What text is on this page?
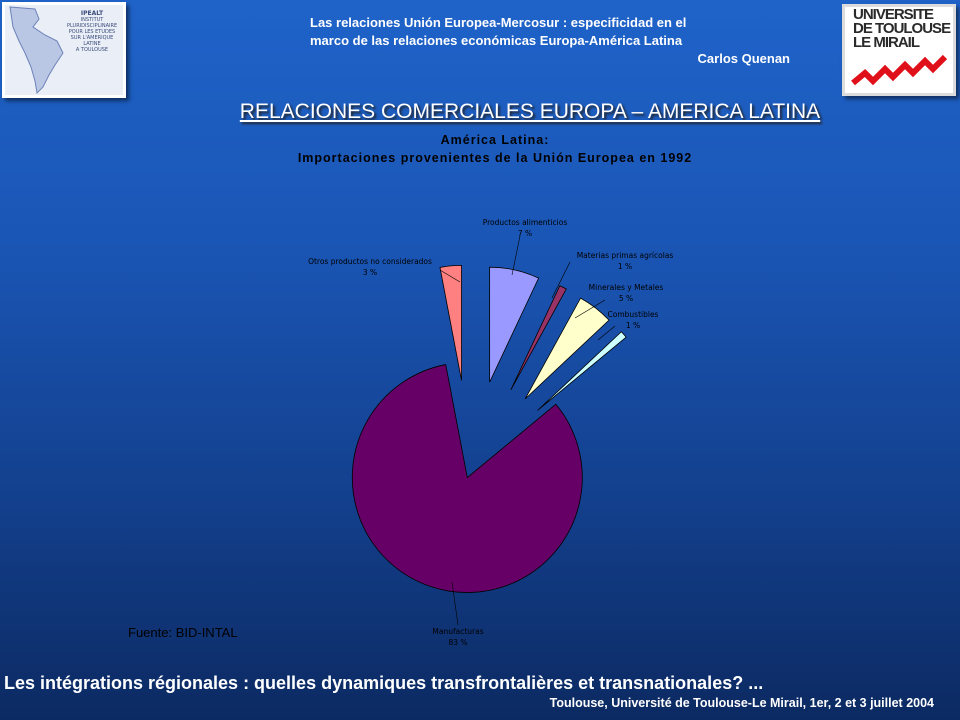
IPEALT
INSTITUT
PLURIDISCIPLINAIRE
POUR LES ETUDES
SUR L'AMERIQUE
LATINE
A TOULOUSE
Las relaciones Unión Europea-Mercosur : especificidad en el
marco de las relaciones económicas Europa-América Latina
Carlos Quenan
UNIVERSITE
DE TOULOUSE
LE MIRAIL
RELACIONES COMERCIALES EUROPA – AMERICA LATINA
América Latina:
Importaciones provenientes de la Unión Europea en 1992
Productos alimenticios
7 %
Materias primas agrícolas
1 %
Minerales y Metales
5 %
Combustibles
1 %
Manufacturas
83 %
Otros productos no considerados
3 %
Fuente: BID-INTAL
Les intégrations régionales : quelles dynamiques transfrontalières et transnationales? ...
Toulouse, Université de Toulouse-Le Mirail, 1er, 2 et 3 juillet 2004
